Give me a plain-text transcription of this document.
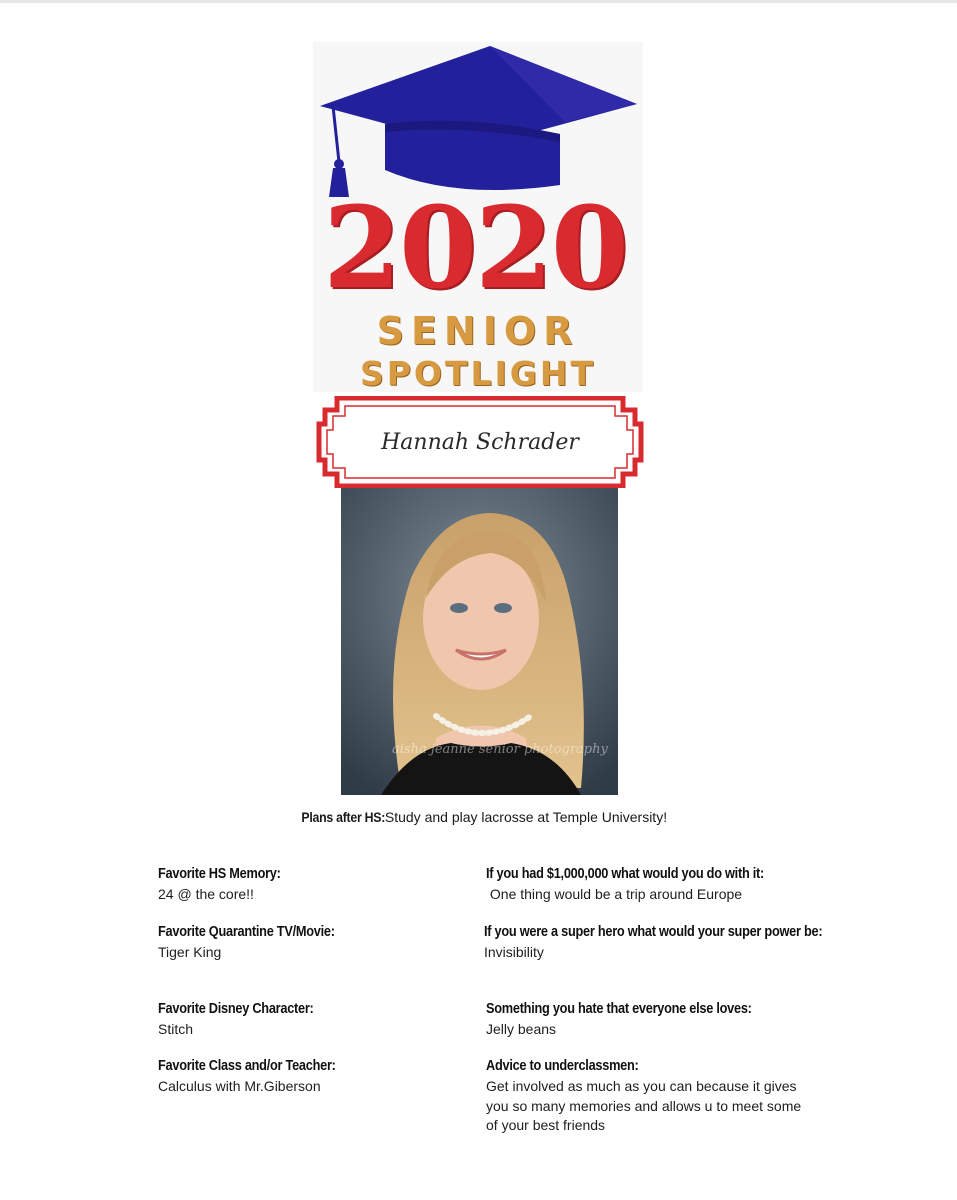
2020
SENIOR
SPOTLIGHT
Hannah Schrader
aisha jeanne senior photography
Plans after HS: Study and play lacrosse at Temple University!
Favorite HS Memory:
24 @ the core!!
Favorite Quarantine TV/Movie:
Tiger King
Favorite Disney Character:
Stitch
Favorite Class and/or Teacher:
Calculus with Mr.Giberson
If you had $1,000,000 what would you do with it:
One thing would be a trip around Europe
If you were a super hero what would your super power be:
Invisibility
Something you hate that everyone else loves:
Jelly beans
Advice to underclassmen:
Get involved as much as you can because it gives
you so many memories and allows u to meet some
of your best friends
